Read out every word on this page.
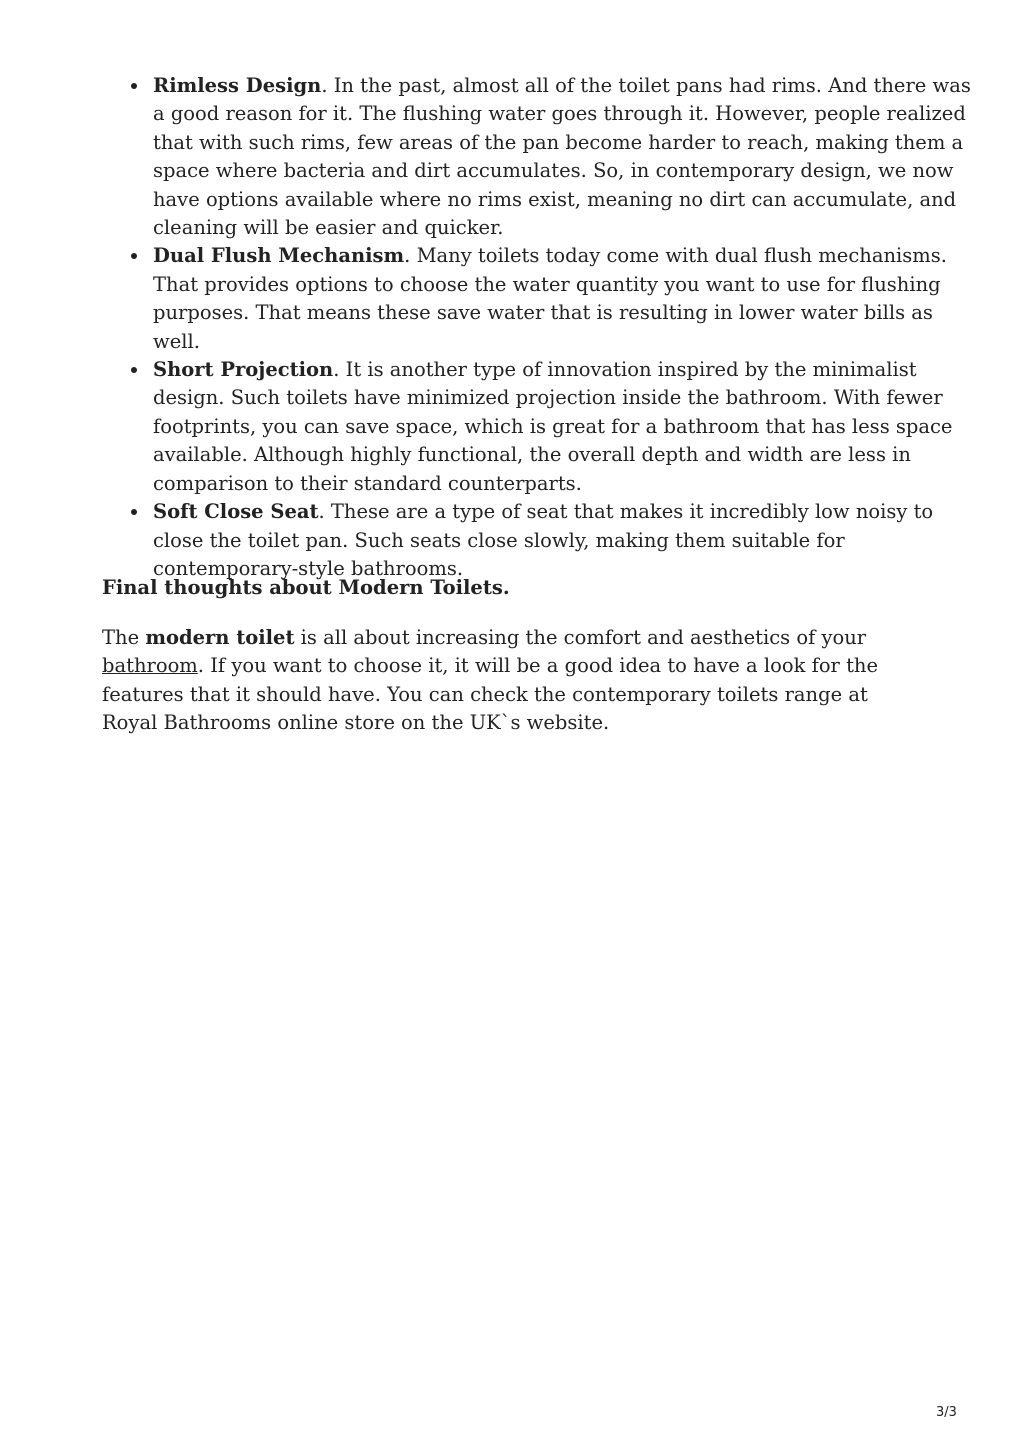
Rimless Design. In the past, almost all of the toilet pans had rims. And there was a good reason for it. The flushing water goes through it. However, people realized that with such rims, few areas of the pan become harder to reach, making them a space where bacteria and dirt accumulates. So, in contemporary design, we now have options available where no rims exist, meaning no dirt can accumulate, and cleaning will be easier and quicker.
Dual Flush Mechanism. Many toilets today come with dual flush mechanisms. That provides options to choose the water quantity you want to use for flushing purposes. That means these save water that is resulting in lower water bills as well.
Short Projection. It is another type of innovation inspired by the minimalist design. Such toilets have minimized projection inside the bathroom. With fewer footprints, you can save space, which is great for a bathroom that has less space available. Although highly functional, the overall depth and width are less in comparison to their standard counterparts.
Soft Close Seat. These are a type of seat that makes it incredibly low noisy to close the toilet pan. Such seats close slowly, making them suitable for contemporary-style bathrooms.
Final thoughts about Modern Toilets.

The modern toilet is all about increasing the comfort and aesthetics of your bathroom. If you want to choose it, it will be a good idea to have a look for the features that it should have. You can check the contemporary toilets range at Royal Bathrooms online store on the UK`s website.

3/3
